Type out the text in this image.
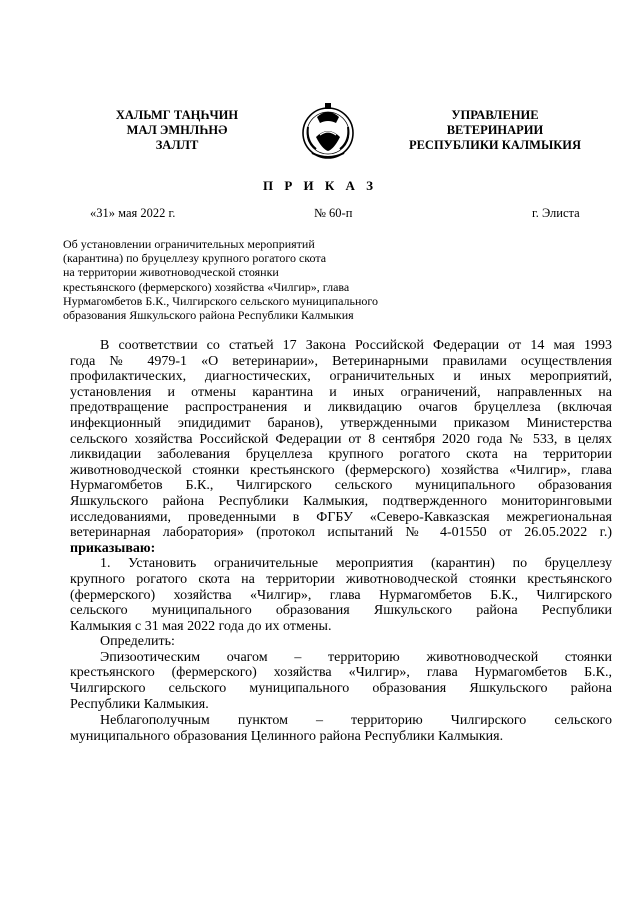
ХАЛЬМГ ТАҢҺЧИН
МАЛ ЭМНЛҺНӘ
ЗАЛЛТ
УПРАВЛЕНИЕ
ВЕТЕРИНАРИИ
РЕСПУБЛИКИ КАЛМЫКИЯ
П Р И К А З
«31» мая 2022 г.	№ 60-п	г. Элиста
Об установлении ограничительных мероприятий
(карантина) по бруцеллезу крупного рогатого скота
на территории животноводческой стоянки
крестьянского (фермерского) хозяйства «Чилгир», глава
Нурмагомбетов Б.К., Чилгирского сельского муниципального
образования Яшкульского района Республики Калмыкия
В соответствии со статьей 17 Закона Российской Федерации от 14 мая 1993
года № 4979-1 «О ветеринарии», Ветеринарными правилами осуществления
профилактических, диагностических, ограничительных и иных мероприятий,
установления и отмены карантина и иных ограничений, направленных на
предотвращение распространения и ликвидацию очагов бруцеллеза (включая
инфекционный эпидидимит баранов), утвержденными приказом Министерства
сельского хозяйства Российской Федерации от 8 сентября 2020 года № 533, в целях
ликвидации заболевания бруцеллеза крупного рогатого скота на территории
животноводческой стоянки крестьянского (фермерского) хозяйства «Чилгир», глава
Нурмагомбетов Б.К., Чилгирского сельского муниципального образования
Яшкульского района Республики Калмыкия, подтвержденного мониторинговыми
исследованиями, проведенными в ФГБУ «Северо-Кавказская межрегиональная
ветеринарная лаборатория» (протокол испытаний № 4-01550 от 26.05.2022 г.)
приказываю:
1. Установить ограничительные мероприятия (карантин) по бруцеллезу
крупного рогатого скота на территории животноводческой стоянки крестьянского
(фермерского) хозяйства «Чилгир», глава Нурмагомбетов Б.К., Чилгирского
сельского муниципального образования Яшкульского района Республики
Калмыкия с 31 мая 2022 года до их отмены.
Определить:
Эпизоотическим очагом – территорию животноводческой стоянки
крестьянского (фермерского) хозяйства «Чилгир», глава Нурмагомбетов Б.К.,
Чилгирского сельского муниципального образования Яшкульского района
Республики Калмыкия.
Неблагополучным пунктом – территорию Чилгирского сельского
муниципального образования Целинного района Республики Калмыкия.
